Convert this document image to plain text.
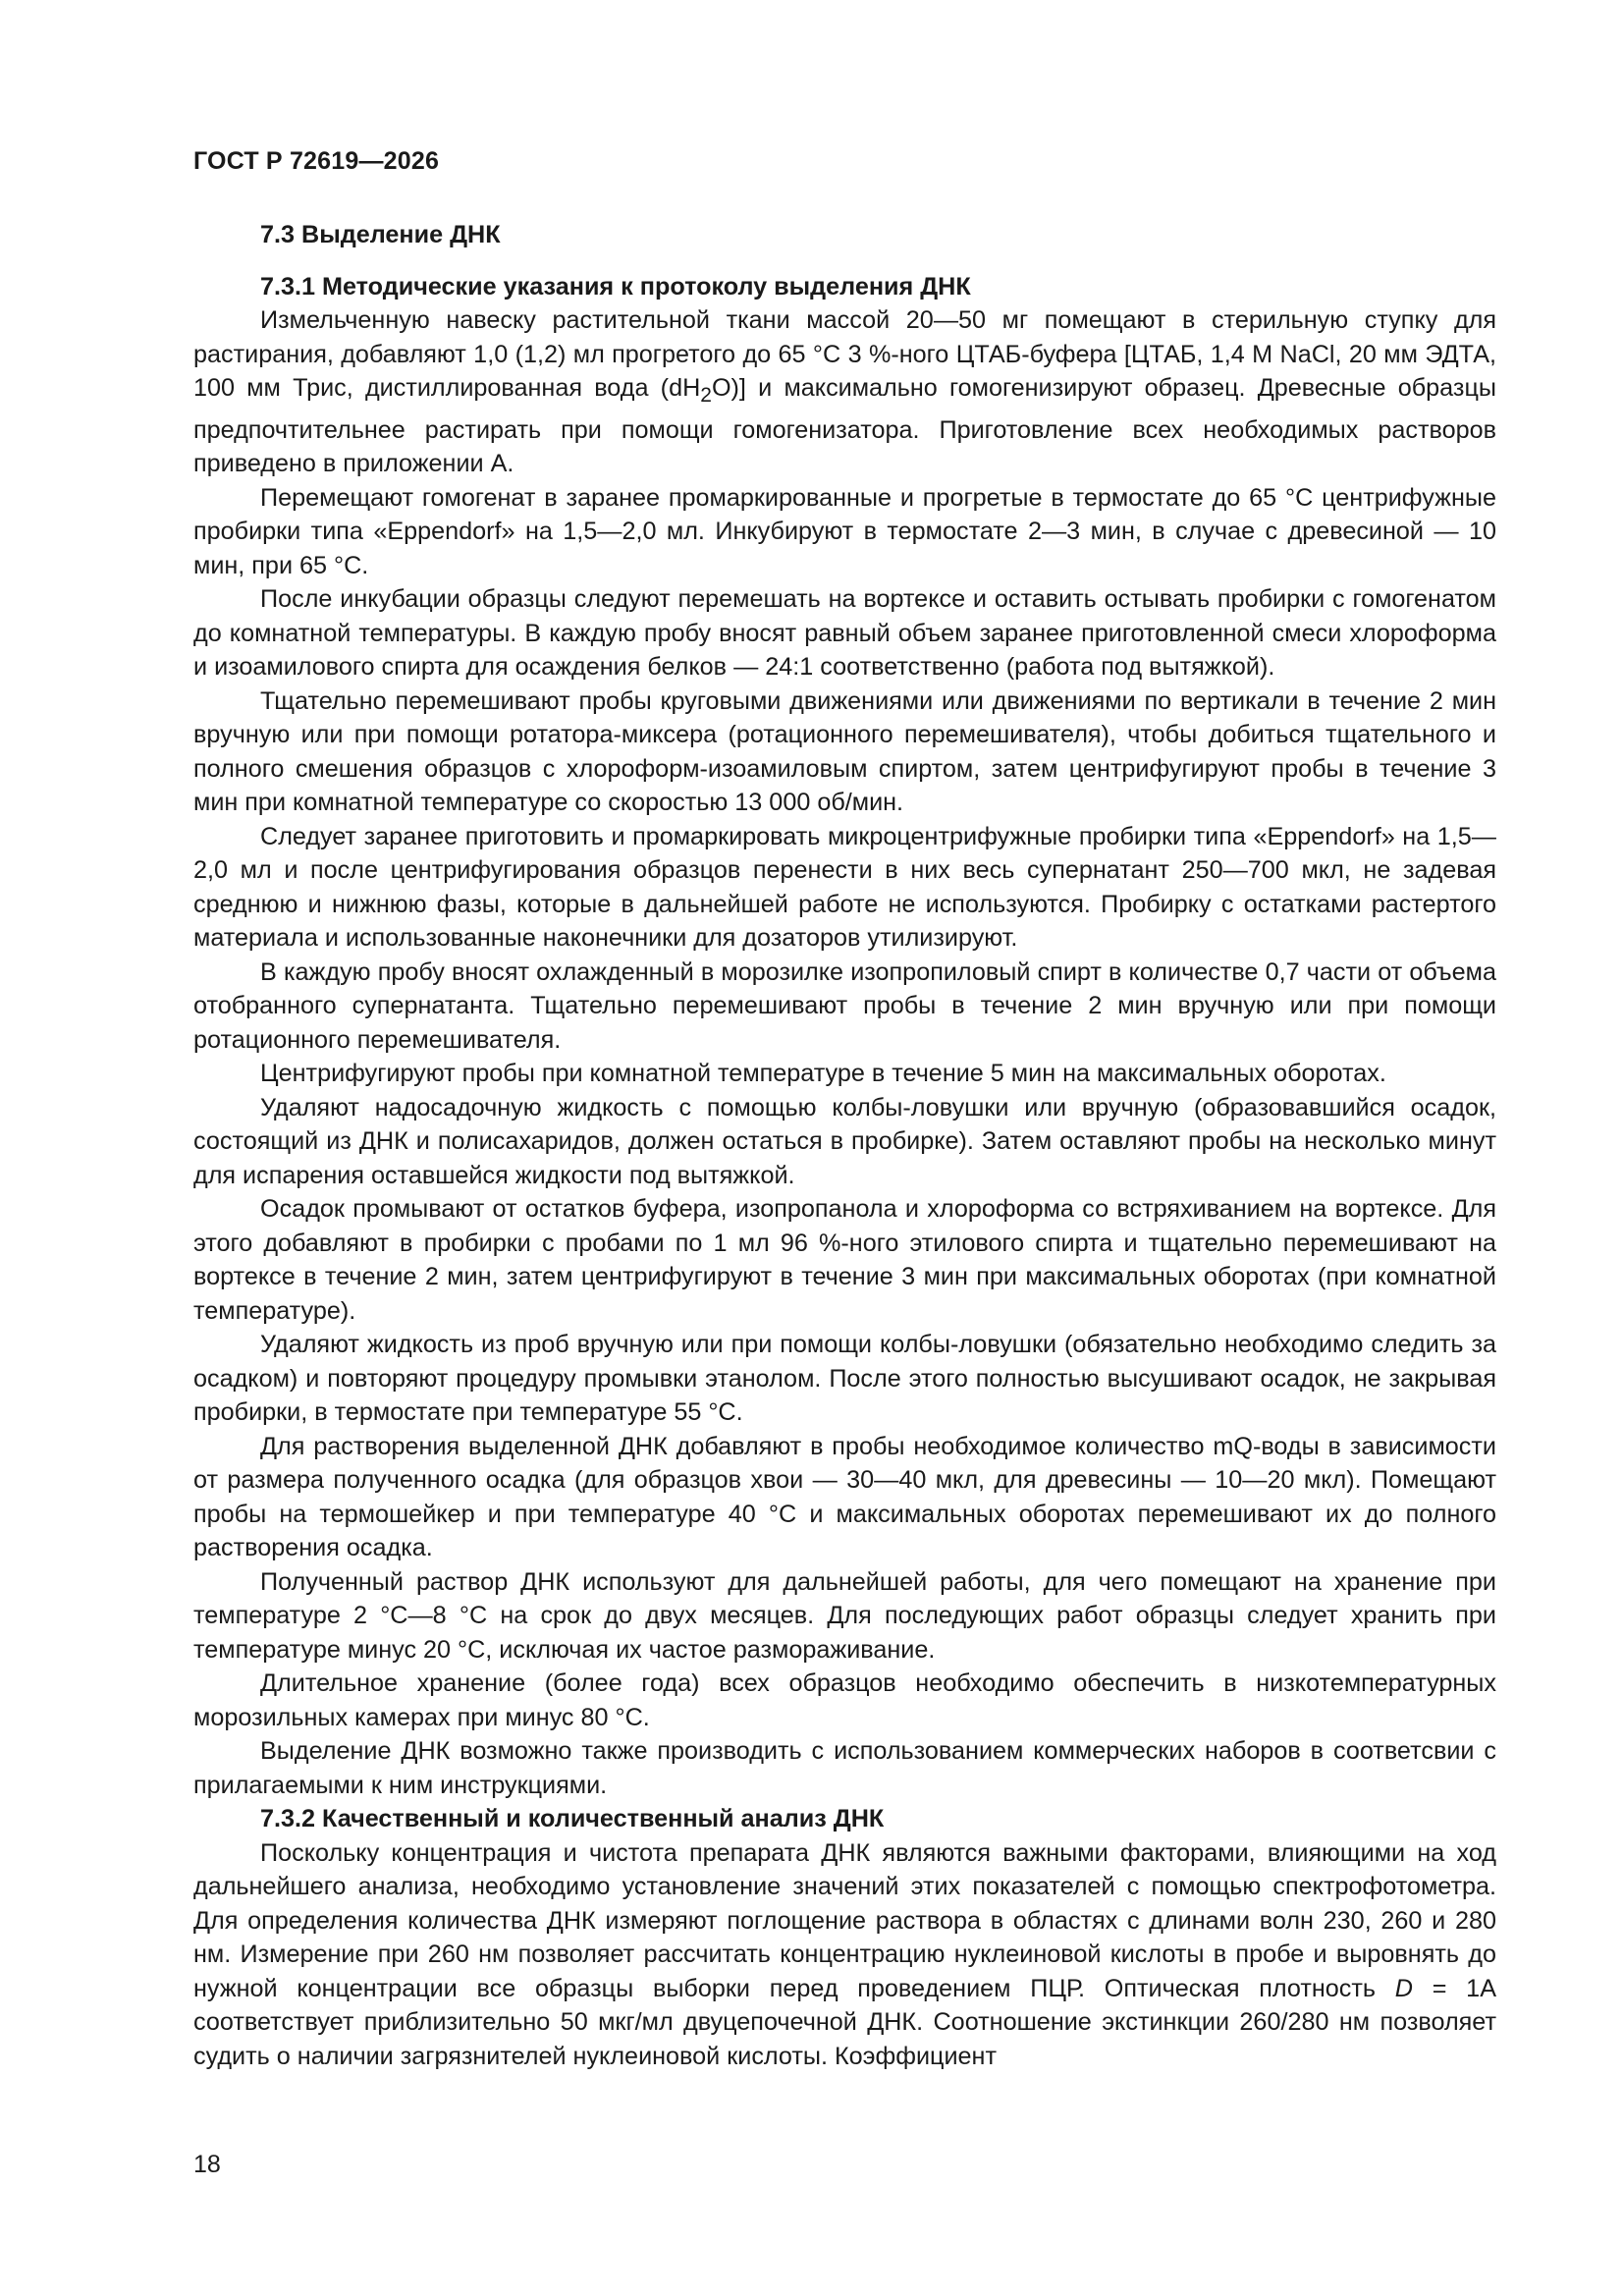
ГОСТ Р 72619—2026
7.3 Выделение ДНК
7.3.1 Методические указания к протоколу выделения ДНК

Измельченную навеску растительной ткани массой 20—50 мг помещают в стерильную ступку для растирания, добавляют 1,0 (1,2) мл прогретого до 65 °C 3 %-ного ЦТАБ-буфера [ЦТАБ, 1,4 М NaCl, 20 мм ЭДТА, 100 мм Трис, дистиллированная вода $(dH_2O)$] и максимально гомогенизируют образец. Древесные образцы предпочтительнее растирать при помощи гомогенизатора. Приготовление всех необходимых растворов приведено в приложении А.

Перемещают гомогенат в заранее промаркированные и прогретые в термостате до 65 °C центрифужные пробирки типа «Eppendorf» на 1,5—2,0 мл. Инкубируют в термостате 2—3 мин, в случае с древесиной — 10 мин, при 65 °C.

После инкубации образцы следуют перемешать на вортексе и оставить остывать пробирки с гомогенатом до комнатной температуры. В каждую пробу вносят равный объем заранее приготовленной смеси хлороформа и изоамилового спирта для осаждения белков — 24:1 соответственно (работа под вытяжкой).

Тщательно перемешивают пробы круговыми движениями или движениями по вертикали в течение 2 мин вручную или при помощи ротатора-миксера (ротационного перемешивателя), чтобы добиться тщательного и полного смешения образцов с хлороформ-изоамиловым спиртом, затем центрифугируют пробы в течение 3 мин при комнатной температуре со скоростью 13 000 об/мин.

Следует заранее приготовить и промаркировать микроцентрифужные пробирки типа «Eppendorf» на 1,5—2,0 мл и после центрифугирования образцов перенести в них весь супернатант 250—700 мкл, не задевая среднюю и нижнюю фазы, которые в дальнейшей работе не используются. Пробирку с остатками растертого материала и использованные наконечники для дозаторов утилизируют.

В каждую пробу вносят охлажденный в морозилке изопропиловый спирт в количестве 0,7 части от объема отобранного супернатанта. Тщательно перемешивают пробы в течение 2 мин вручную или при помощи ротационного перемешивателя.

Центрифугируют пробы при комнатной температуре в течение 5 мин на максимальных оборотах.

Удаляют надосадочную жидкость с помощью колбы-ловушки или вручную (образовавшийся осадок, состоящий из ДНК и полисахаридов, должен остаться в пробирке). Затем оставляют пробы на несколько минут для испарения оставшейся жидкости под вытяжкой.

Осадок промывают от остатков буфера, изопропанола и хлороформа со встряхиванием на вортексе. Для этого добавляют в пробирки с пробами по 1 мл 96 %-ного этилового спирта и тщательно перемешивают на вортексе в течение 2 мин, затем центрифугируют в течение 3 мин при максимальных оборотах (при комнатной температуре).

Удаляют жидкость из проб вручную или при помощи колбы-ловушки (обязательно необходимо следить за осадком) и повторяют процедуру промывки этанолом. После этого полностью высушивают осадок, не закрывая пробирки, в термостате при температуре 55 °C.

Для растворения выделенной ДНК добавляют в пробы необходимое количество mQ-воды в зависимости от размера полученного осадка (для образцов хвои — 30—40 мкл, для древесины — 10—20 мкл). Помещают пробы на термошейкер и при температуре 40 °C и максимальных оборотах перемешивают их до полного растворения осадка.

Полученный раствор ДНК используют для дальнейшей работы, для чего помещают на хранение при температуре 2 °C—8 °C на срок до двух месяцев. Для последующих работ образцы следует хранить при температуре минус 20 °C, исключая их частое размораживание.

Длительное хранение (более года) всех образцов необходимо обеспечить в низкотемпературных морозильных камерах при минус 80 °C.

Выделение ДНК возможно также производить с использованием коммерческих наборов в соответсвии с прилагаемыми к ним инструкциями.

7.3.2 Качественный и количественный анализ ДНК

Поскольку концентрация и чистота препарата ДНК являются важными факторами, влияющими на ход дальнейшего анализа, необходимо установление значений этих показателей с помощью спектрофотометра. Для определения количества ДНК измеряют поглощение раствора в областях с длинами волн 230, 260 и 280 нм. Измерение при 260 нм позволяет рассчитать концентрацию нуклеиновой кислоты в пробе и выровнять до нужной концентрации все образцы выборки перед проведением ПЦР. Оптическая плотность D = 1А соответствует приблизительно 50 мкг/мл двуцепочечной ДНК. Соотношение экстинкции 260/280 нм позволяет судить о наличии загрязнителей нуклеиновой кислоты. Коэффициент

18
